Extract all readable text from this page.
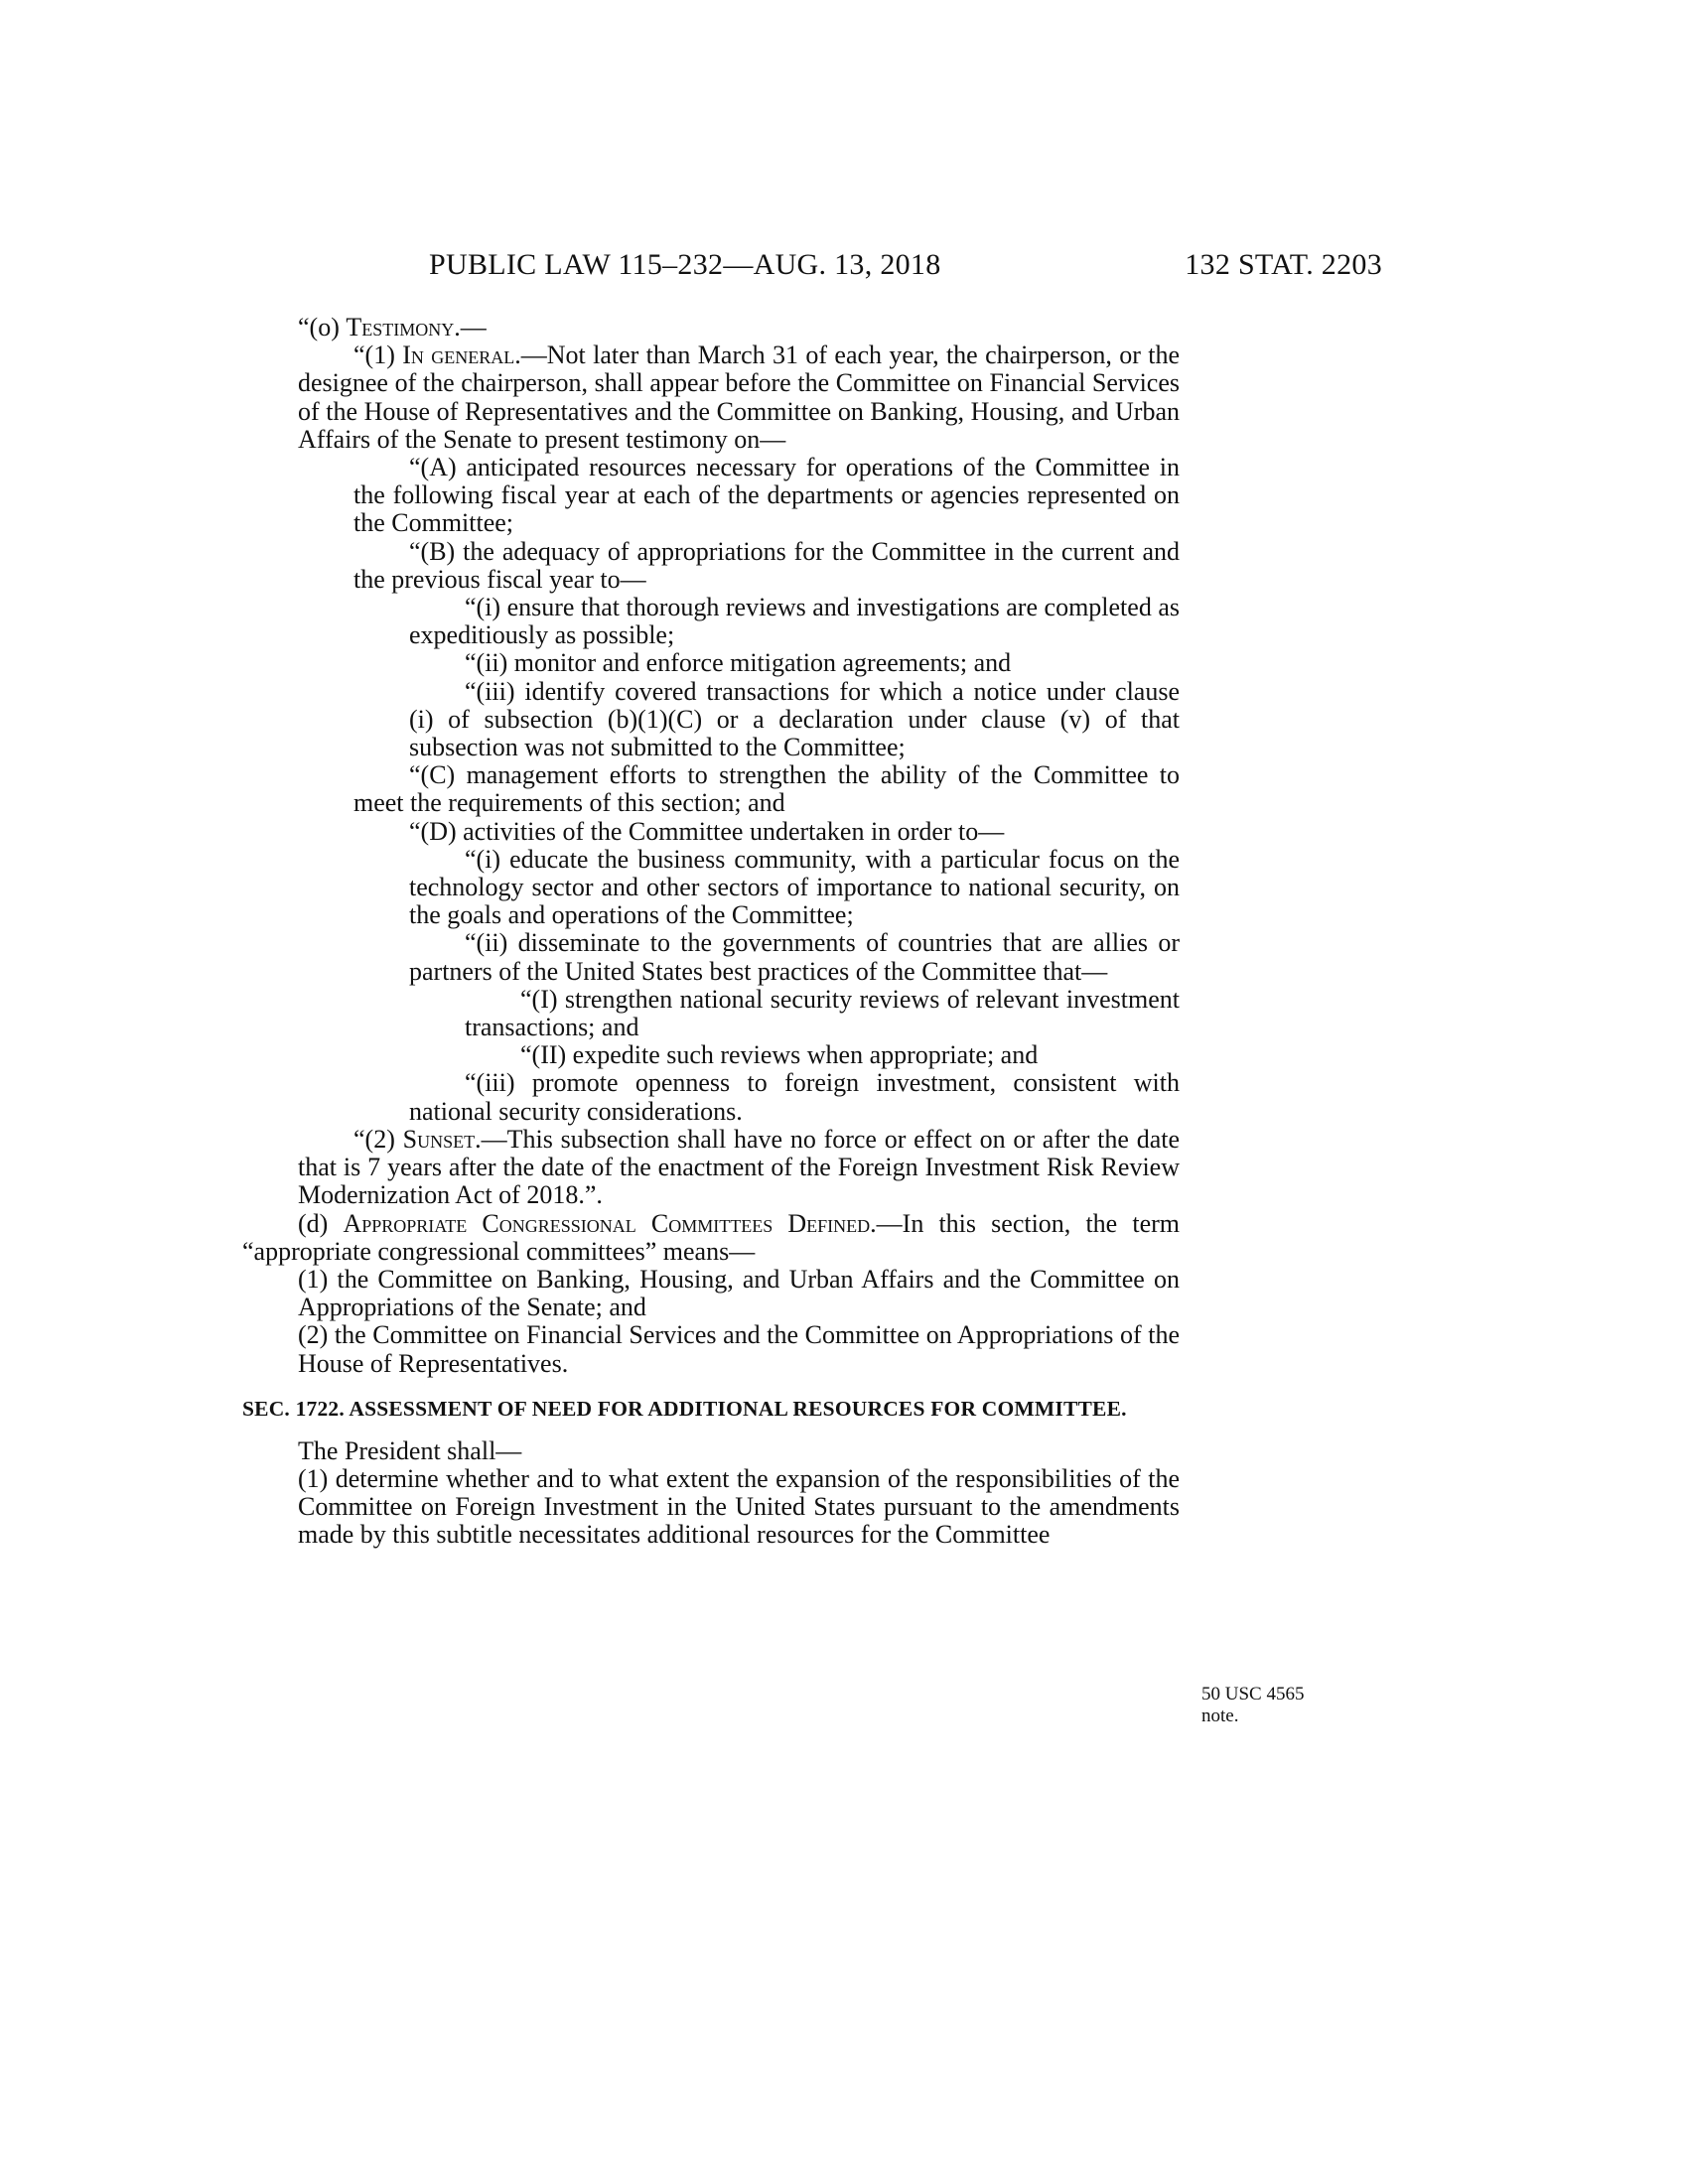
PUBLIC LAW 115–232—AUG. 13, 2018	132 STAT. 2203

“(o) Testimony.—

“(1) In general.—Not later than March 31 of each year, the chairperson, or the designee of the chairperson, shall appear before the Committee on Financial Services of the House of Representatives and the Committee on Banking, Housing, and Urban Affairs of the Senate to present testimony on—

“(A) anticipated resources necessary for operations of the Committee in the following fiscal year at each of the departments or agencies represented on the Committee;

“(B) the adequacy of appropriations for the Committee in the current and the previous fiscal year to—

“(i) ensure that thorough reviews and investigations are completed as expeditiously as possible;

“(ii) monitor and enforce mitigation agreements; and

“(iii) identify covered transactions for which a notice under clause (i) of subsection (b)(1)(C) or a declaration under clause (v) of that subsection was not submitted to the Committee;

“(C) management efforts to strengthen the ability of the Committee to meet the requirements of this section; and

“(D) activities of the Committee undertaken in order to—

“(i) educate the business community, with a particular focus on the technology sector and other sectors of importance to national security, on the goals and operations of the Committee;

“(ii) disseminate to the governments of countries that are allies or partners of the United States best practices of the Committee that—

“(I) strengthen national security reviews of relevant investment transactions; and

“(II) expedite such reviews when appropriate; and

“(iii) promote openness to foreign investment, consistent with national security considerations.

“(2) Sunset.—This subsection shall have no force or effect on or after the date that is 7 years after the date of the enactment of the Foreign Investment Risk Review Modernization Act of 2018.”.

(d) Appropriate Congressional Committees Defined.—In this section, the term “appropriate congressional committees” means—

(1) the Committee on Banking, Housing, and Urban Affairs and the Committee on Appropriations of the Senate; and

(2) the Committee on Financial Services and the Committee on Appropriations of the House of Representatives.

SEC. 1722. ASSESSMENT OF NEED FOR ADDITIONAL RESOURCES FOR COMMITTEE.

The President shall—

(1) determine whether and to what extent the expansion of the responsibilities of the Committee on Foreign Investment in the United States pursuant to the amendments made by this subtitle necessitates additional resources for the Committee

50 USC 4565 note.
